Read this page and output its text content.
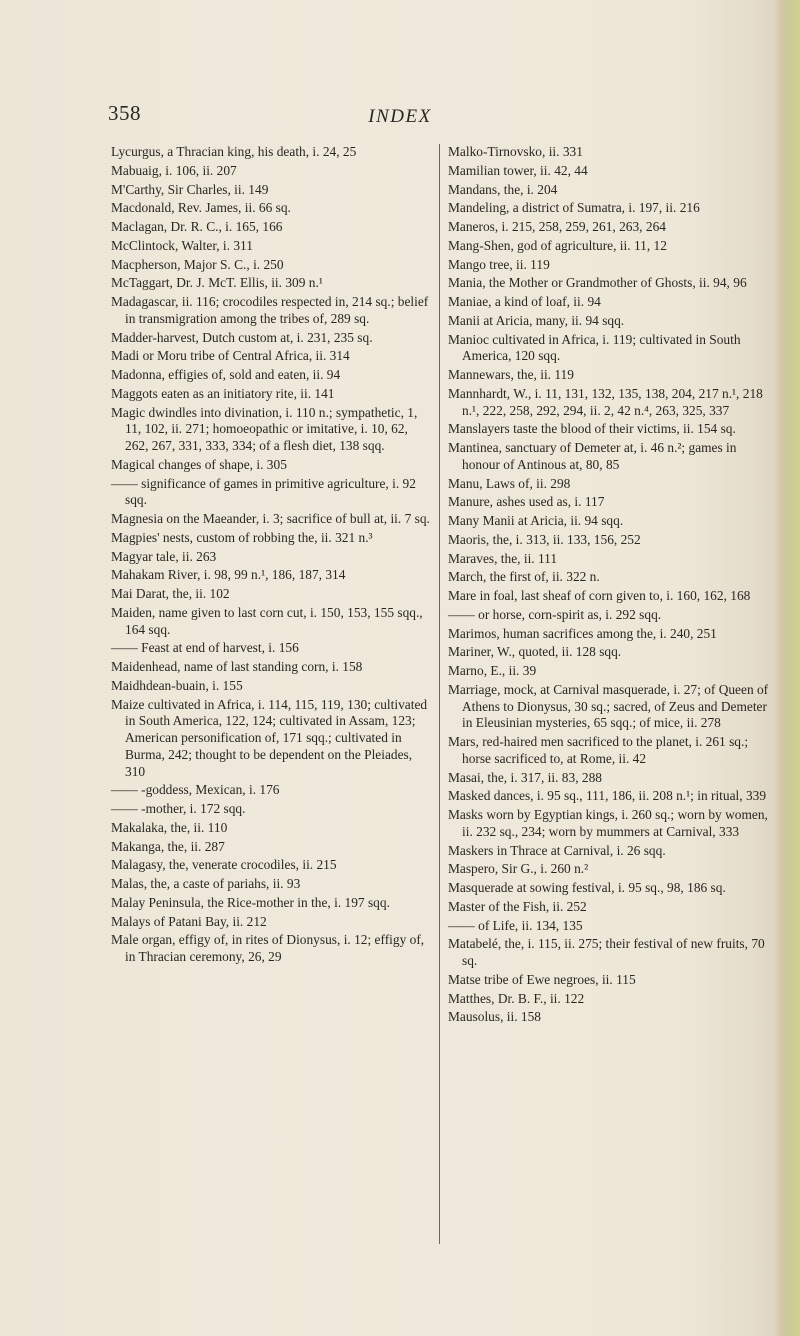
358	INDEX
Lycurgus, a Thracian king, his death, i. 24, 25
Mabuaig, i. 106, ii. 207
M'Carthy, Sir Charles, ii. 149
Macdonald, Rev. James, ii. 66 sq.
Maclagan, Dr. R. C., i. 165, 166
McClintock, Walter, i. 311
Macpherson, Major S. C., i. 250
McTaggart, Dr. J. McT. Ellis, ii. 309 n.¹
Madagascar, ii. 116; crocodiles respected in, 214 sq.; belief in transmigration among the tribes of, 289 sq.
Madder-harvest, Dutch custom at, i. 231, 235 sq.
Madi or Moru tribe of Central Africa, ii. 314
Madonna, effigies of, sold and eaten, ii. 94
Maggots eaten as an initiatory rite, ii. 141
Magic dwindles into divination, i. 110 n.; sympathetic, 1, 11, 102, ii. 271; homoeopathic or imitative, i. 10, 62, 262, 267, 331, 333, 334; of a flesh diet, 138 sqq.
Magical changes of shape, i. 305
—— significance of games in primitive agriculture, i. 92 sqq.
Magnesia on the Maeander, i. 3; sacrifice of bull at, ii. 7 sq.
Magpies' nests, custom of robbing the, ii. 321 n.³
Magyar tale, ii. 263
Mahakam River, i. 98, 99 n.¹, 186, 187, 314
Mai Darat, the, ii. 102
Maiden, name given to last corn cut, i. 150, 153, 155 sqq., 164 sqq.
—— Feast at end of harvest, i. 156
Maidenhead, name of last standing corn, i. 158
Maidhdean-buain, i. 155
Maize cultivated in Africa, i. 114, 115, 119, 130; cultivated in South America, 122, 124; cultivated in Assam, 123; American personification of, 171 sqq.; cultivated in Burma, 242; thought to be dependent on the Pleiades, 310
—— -goddess, Mexican, i. 176
—— -mother, i. 172 sqq.
Makalaka, the, ii. 110
Makanga, the, ii. 287
Malagasy, the, venerate crocodiles, ii. 215
Malas, the, a caste of pariahs, ii. 93
Malay Peninsula, the Rice-mother in the, i. 197 sqq.
Malays of Patani Bay, ii. 212
Male organ, effigy of, in rites of Dionysus, i. 12; effigy of, in Thracian ceremony, 26, 29
Malko-Tirnovsko, ii. 331
Mamilian tower, ii. 42, 44
Mandans, the, i. 204
Mandeling, a district of Sumatra, i. 197, ii. 216
Maneros, i. 215, 258, 259, 261, 263, 264
Mang-Shen, god of agriculture, ii. 11, 12
Mango tree, ii. 119
Mania, the Mother or Grandmother of Ghosts, ii. 94, 96
Maniae, a kind of loaf, ii. 94
Manii at Aricia, many, ii. 94 sqq.
Manioc cultivated in Africa, i. 119; cultivated in South America, 120 sqq.
Mannewars, the, ii. 119
Mannhardt, W., i. 11, 131, 132, 135, 138, 204, 217 n.¹, 218 n.¹, 222, 258, 292, 294, ii. 2, 42 n.⁴, 263, 325, 337
Manslayers taste the blood of their victims, ii. 154 sq.
Mantinea, sanctuary of Demeter at, i. 46 n.²; games in honour of Antinous at, 80, 85
Manu, Laws of, ii. 298
Manure, ashes used as, i. 117
Many Manii at Aricia, ii. 94 sqq.
Maoris, the, i. 313, ii. 133, 156, 252
Maraves, the, ii. 111
March, the first of, ii. 322 n.
Mare in foal, last sheaf of corn given to, i. 160, 162, 168
—— or horse, corn-spirit as, i. 292 sqq.
Marimos, human sacrifices among the, i. 240, 251
Mariner, W., quoted, ii. 128 sqq.
Marno, E., ii. 39
Marriage, mock, at Carnival masquerade, i. 27; of Queen of Athens to Dionysus, 30 sq.; sacred, of Zeus and Demeter in Eleusinian mysteries, 65 sqq.; of mice, ii. 278
Mars, red-haired men sacrificed to the planet, i. 261 sq.; horse sacrificed to, at Rome, ii. 42
Masai, the, i. 317, ii. 83, 288
Masked dances, i. 95 sq., 111, 186, ii. 208 n.¹; in ritual, 339
Masks worn by Egyptian kings, i. 260 sq.; worn by women, ii. 232 sq., 234; worn by mummers at Carnival, 333
Maskers in Thrace at Carnival, i. 26 sqq.
Maspero, Sir G., i. 260 n.²
Masquerade at sowing festival, i. 95 sq., 98, 186 sq.
Master of the Fish, ii. 252
—— of Life, ii. 134, 135
Matabelé, the, i. 115, ii. 275; their festival of new fruits, 70 sq.
Matse tribe of Ewe negroes, ii. 115
Matthes, Dr. B. F., ii. 122
Mausolus, ii. 158
